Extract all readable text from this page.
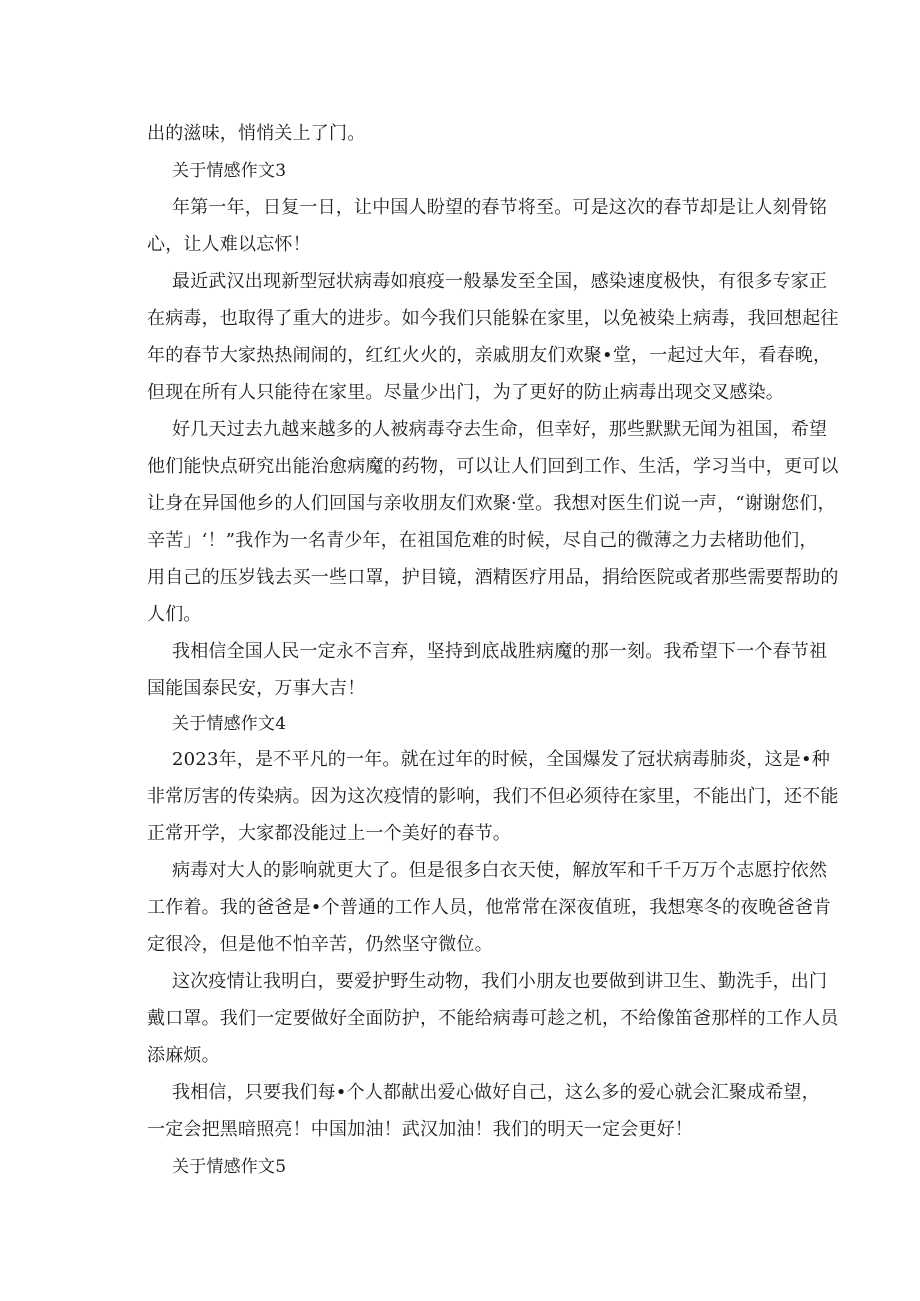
出的滋味，悄悄关上了门。

关于情感作文3

年第一年，日复一日，让中国人盼望的春节将至。可是这次的春节却是让人刻骨铭

心，让人难以忘怀！

最近武汉出现新型冠状病毒如痕疫一般暴发至全国，感染速度极快，有很多专家正

在病毒，也取得了重大的进步。如今我们只能躲在家里，以免被染上病毒，我回想起往

年的春节大家热热闹闹的，红红火火的，亲戚朋友们欢聚•堂，一起过大年，看春晚，

但现在所有人只能待在家里。尽量少出门，为了更好的防止病毒出现交叉感染。

好几天过去九越来越多的人被病毒夺去生命，但幸好，那些默默无闻为祖国，希望

他们能快点研究出能治愈病魔的药物，可以让人们回到工作、生活，学习当中，更可以

让身在异国他乡的人们回国与亲收朋友们欢聚·堂。我想对医生们说一声，“谢谢您们，

辛苦」‘！”我作为一名青少年，在祖国危难的时候，尽自己的微薄之力去楮助他们，

用自己的压岁钱去买一些口罩，护目镜，酒精医疗用品，捐给医院或者那些需要帮助的

人们。

我相信全国人民一定永不言弃，坚持到底战胜病魔的那一刻。我希望下一个春节祖

国能国泰民安，万事大吉！

关于情感作文4

2023年，是不平凡的一年。就在过年的时候，全国爆发了冠状病毒肺炎，这是•种

非常厉害的传染病。因为这次疫情的影响，我们不但必须待在家里，不能出门，还不能

正常开学，大家都没能过上一个美好的春节。

病毒对大人的影响就更大了。但是很多白衣天使，解放军和千千万万个志愿拧依然

工作着。我的爸爸是•个普通的工作人员，他常常在深夜值班，我想寒冬的夜晚爸爸肯

定很冷，但是他不怕辛苦，仍然坚守微位。

这次疫情让我明白，要爱护野生动物，我们小朋友也要做到讲卫生、勤洗手，出门

戴口罩。我们一定要做好全面防护，不能给病毒可趁之机，不给像笛爸那样的工作人员

添麻烦。

我相信，只要我们每•个人都献出爱心做好自己，这么多的爱心就会汇聚成希望，

一定会把黑暗照亮！中国加油！武汉加油！我们的明天一定会更好！

关于情感作文5
